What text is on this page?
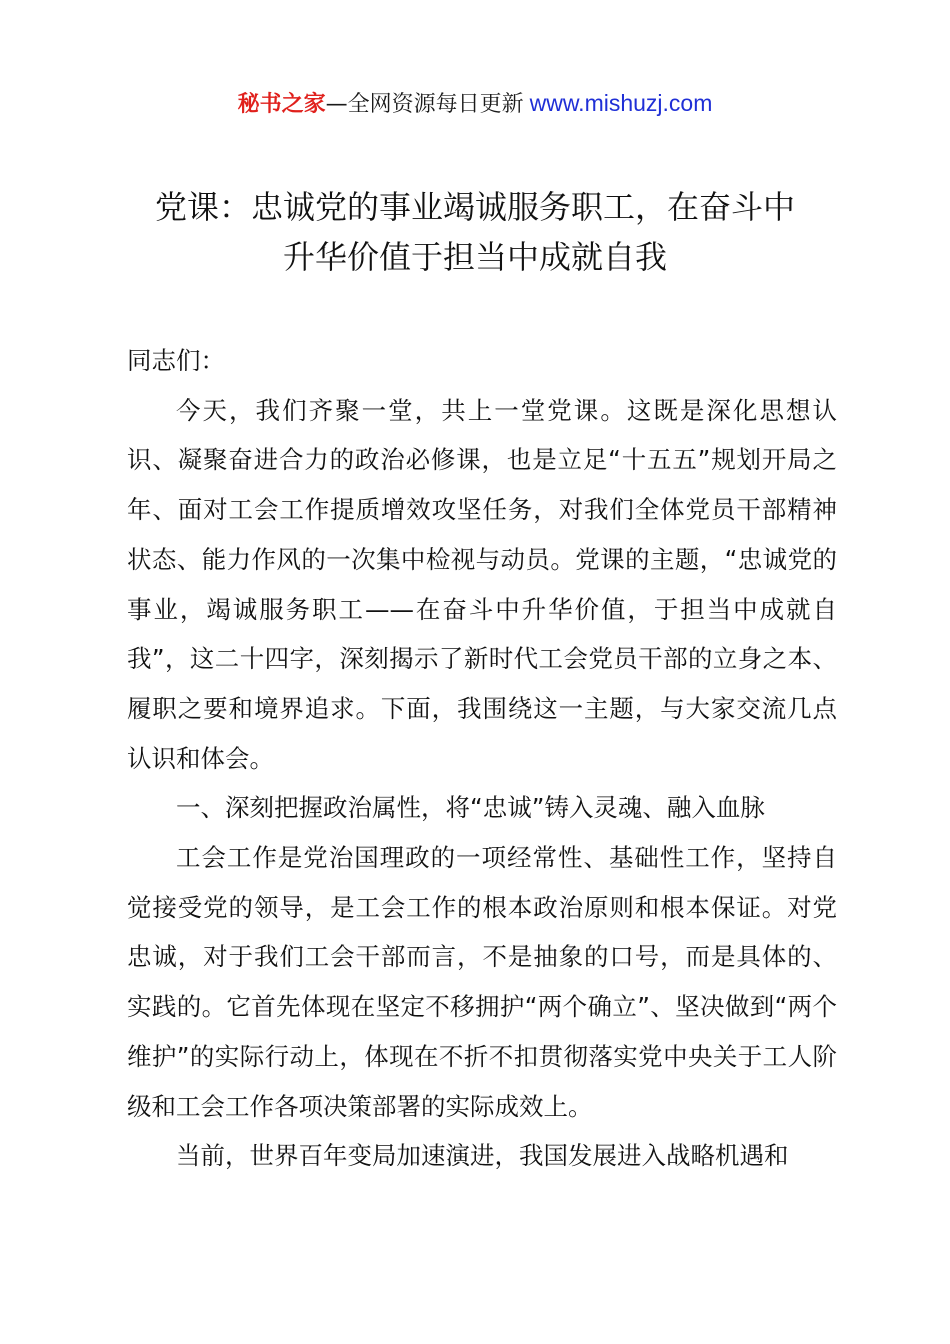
秘书之家—全网资源每日更新 www.mishuzj.com
党课：忠诚党的事业竭诚服务职工，在奋斗中
升华价值于担当中成就自我

同志们：

今天，我们齐聚一堂，共上一堂党课。这既是深化思想认识、凝聚奋进合力的政治必修课，也是立足“十五五”规划开局之年、面对工会工作提质增效攻坚任务，对我们全体党员干部精神状态、能力作风的一次集中检视与动员。党课的主题，“忠诚党的事业，竭诚服务职工——在奋斗中升华价值，于担当中成就自我”，这二十四字，深刻揭示了新时代工会党员干部的立身之本、履职之要和境界追求。下面，我围绕这一主题，与大家交流几点认识和体会。

一、深刻把握政治属性，将“忠诚”铸入灵魂、融入血脉

工会工作是党治国理政的一项经常性、基础性工作，坚持自觉接受党的领导，是工会工作的根本政治原则和根本保证。对党忠诚，对于我们工会干部而言，不是抽象的口号，而是具体的、实践的。它首先体现在坚定不移拥护“两个确立”、坚决做到“两个维护”的实际行动上，体现在不折不扣贯彻落实党中央关于工人阶级和工会工作各项决策部署的实际成效上。

当前，世界百年变局加速演进，我国发展进入战略机遇和
